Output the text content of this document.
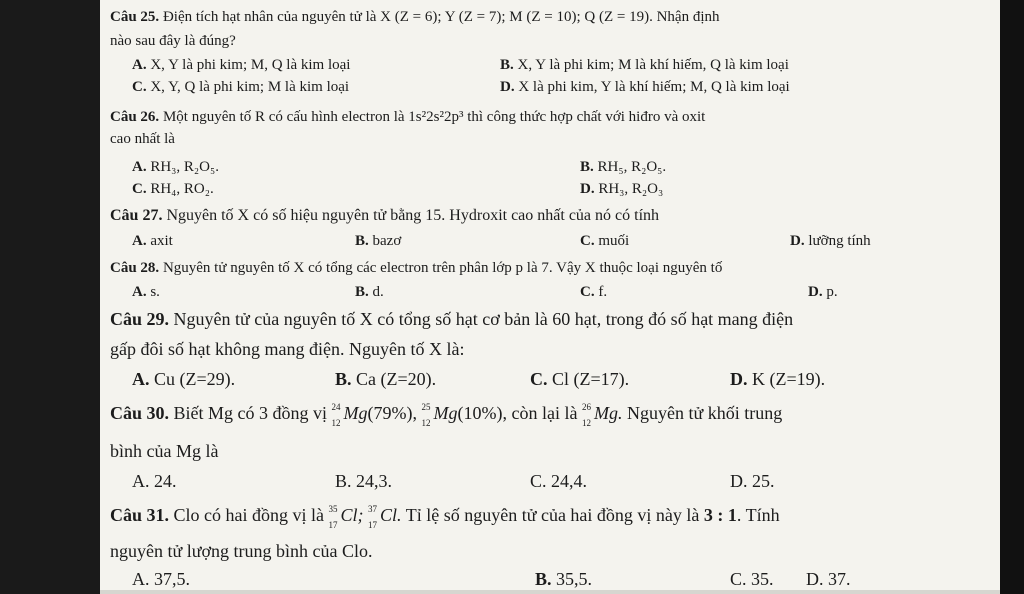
Câu 25. Điện tích hạt nhân của nguyên tử là X (Z = 6); Y (Z = 7); M (Z = 10); Q (Z = 19). Nhận định
nào sau đây là đúng?
A. X, Y là phi kim; M, Q là kim loại	B. X, Y là phi kim; M là khí hiếm, Q là kim loại
C. X, Y, Q là phi kim; M là kim loại	D. X là phi kim, Y là khí hiếm; M, Q là kim loại
Câu 26. Một nguyên tố R có cấu hình electron là 1s²2s²2p³ thì công thức hợp chất với hiđro và oxit
cao nhất là
A. RH₃, R₂O₅.	B. RH₅, R₂O₅.
C. RH₄, RO₂.	D. RH₃, R₂O₃
Câu 27. Nguyên tố X có số hiệu nguyên tử bằng 15. Hydroxit cao nhất của nó có tính
A. axit	B. bazơ	C. muối	D. lưỡng tính
Câu 28. Nguyên tử nguyên tố X có tổng các electron trên phân lớp p là 7. Vậy X thuộc loại nguyên tố
A. s.	B. d.	C. f.	D. p.
Câu 29. Nguyên tử của nguyên tố X có tổng số hạt cơ bản là 60 hạt, trong đó số hạt mang điện
gấp đôi số hạt không mang điện. Nguyên tố X là:
A. Cu (Z=29).	B. Ca (Z=20).	C. Cl (Z=17).	D. K (Z=19).
Câu 30. Biết Mg có 3 đồng vị 24
12 Mg(79%), 25
12 Mg(10%), còn lại là 26
12 Mg. Nguyên tử khối trung
bình của Mg là
A. 24.	B. 24,3.	C. 24,4.	D. 25.
Câu 31. Clo có hai đồng vị là 35
17 Cl; 37
17 Cl. Tỉ lệ số nguyên tử của hai đồng vị này là 3 : 1. Tính
nguyên tử lượng trung bình của Clo.
A. 37,5.	B. 35,5.	C. 35. D. 37.
